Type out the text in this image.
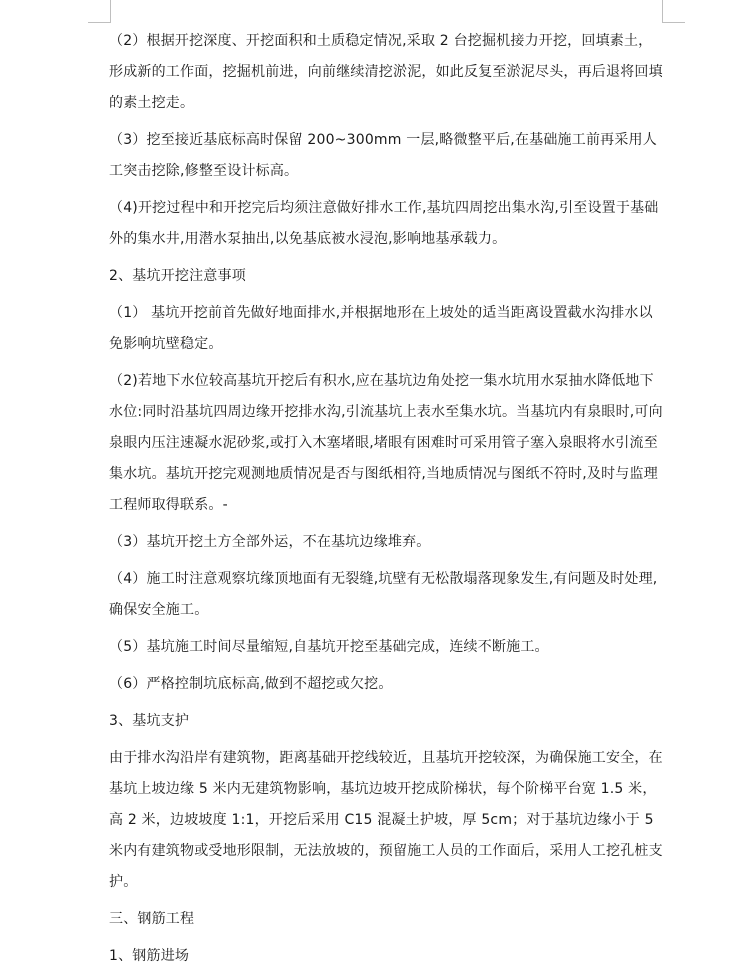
（2）根据开挖深度、开挖面积和土质稳定情况,采取 2 台挖掘机接力开挖，回填素土，形成新的工作面，挖掘机前进，向前继续清挖淤泥，如此反复至淤泥尽头，再后退将回填的素土挖走。

（3）挖至接近基底标高时保留 200~300mm 一层,略微整平后,在基础施工前再采用人工突击挖除,修整至设计标高。

（4)开挖过程中和开挖完后均须注意做好排水工作,基坑四周挖出集水沟,引至设置于基础外的集水井,用潜水泵抽出,以免基底被水浸泡,影响地基承载力。

2、基坑开挖注意事项

（1） 基坑开挖前首先做好地面排水,并根据地形在上坡处的适当距离设置截水沟排水以免影响坑壁稳定。

（2)若地下水位较高基坑开挖后有积水,应在基坑边角处挖一集水坑用水泵抽水降低地下水位:同时沿基坑四周边缘开挖排水沟,引流基坑上表水至集水坑。当基坑内有泉眼时,可向泉眼内压注速凝水泥砂浆,或打入木塞堵眼,堵眼有困难时可采用管子塞入泉眼将水引流至集水坑。基坑开挖完观测地质情况是否与图纸相符,当地质情况与图纸不符时,及时与监理工程师取得联系。-

（3）基坑开挖土方全部外运，不在基坑边缘堆弃。

（4）施工时注意观察坑缘顶地面有无裂缝,坑壁有无松散塌落现象发生,有问题及时处理,确保安全施工。

（5）基坑施工时间尽量缩短,自基坑开挖至基础完成，连续不断施工。

（6）严格控制坑底标高,做到不超挖或欠挖。

3、基坑支护

由于排水沟沿岸有建筑物，距离基础开挖线较近，且基坑开挖较深，为确保施工安全，在基坑上坡边缘 5 米内无建筑物影响，基坑边坡开挖成阶梯状，每个阶梯平台宽 1.5 米，高 2 米，边坡坡度 1:1，开挖后采用 C15 混凝土护坡，厚 5cm；对于基坑边缘小于 5 米内有建筑物或受地形限制，无法放坡的，预留施工人员的工作面后，采用人工挖孔桩支护。

三、钢筋工程

1、钢筋进场
